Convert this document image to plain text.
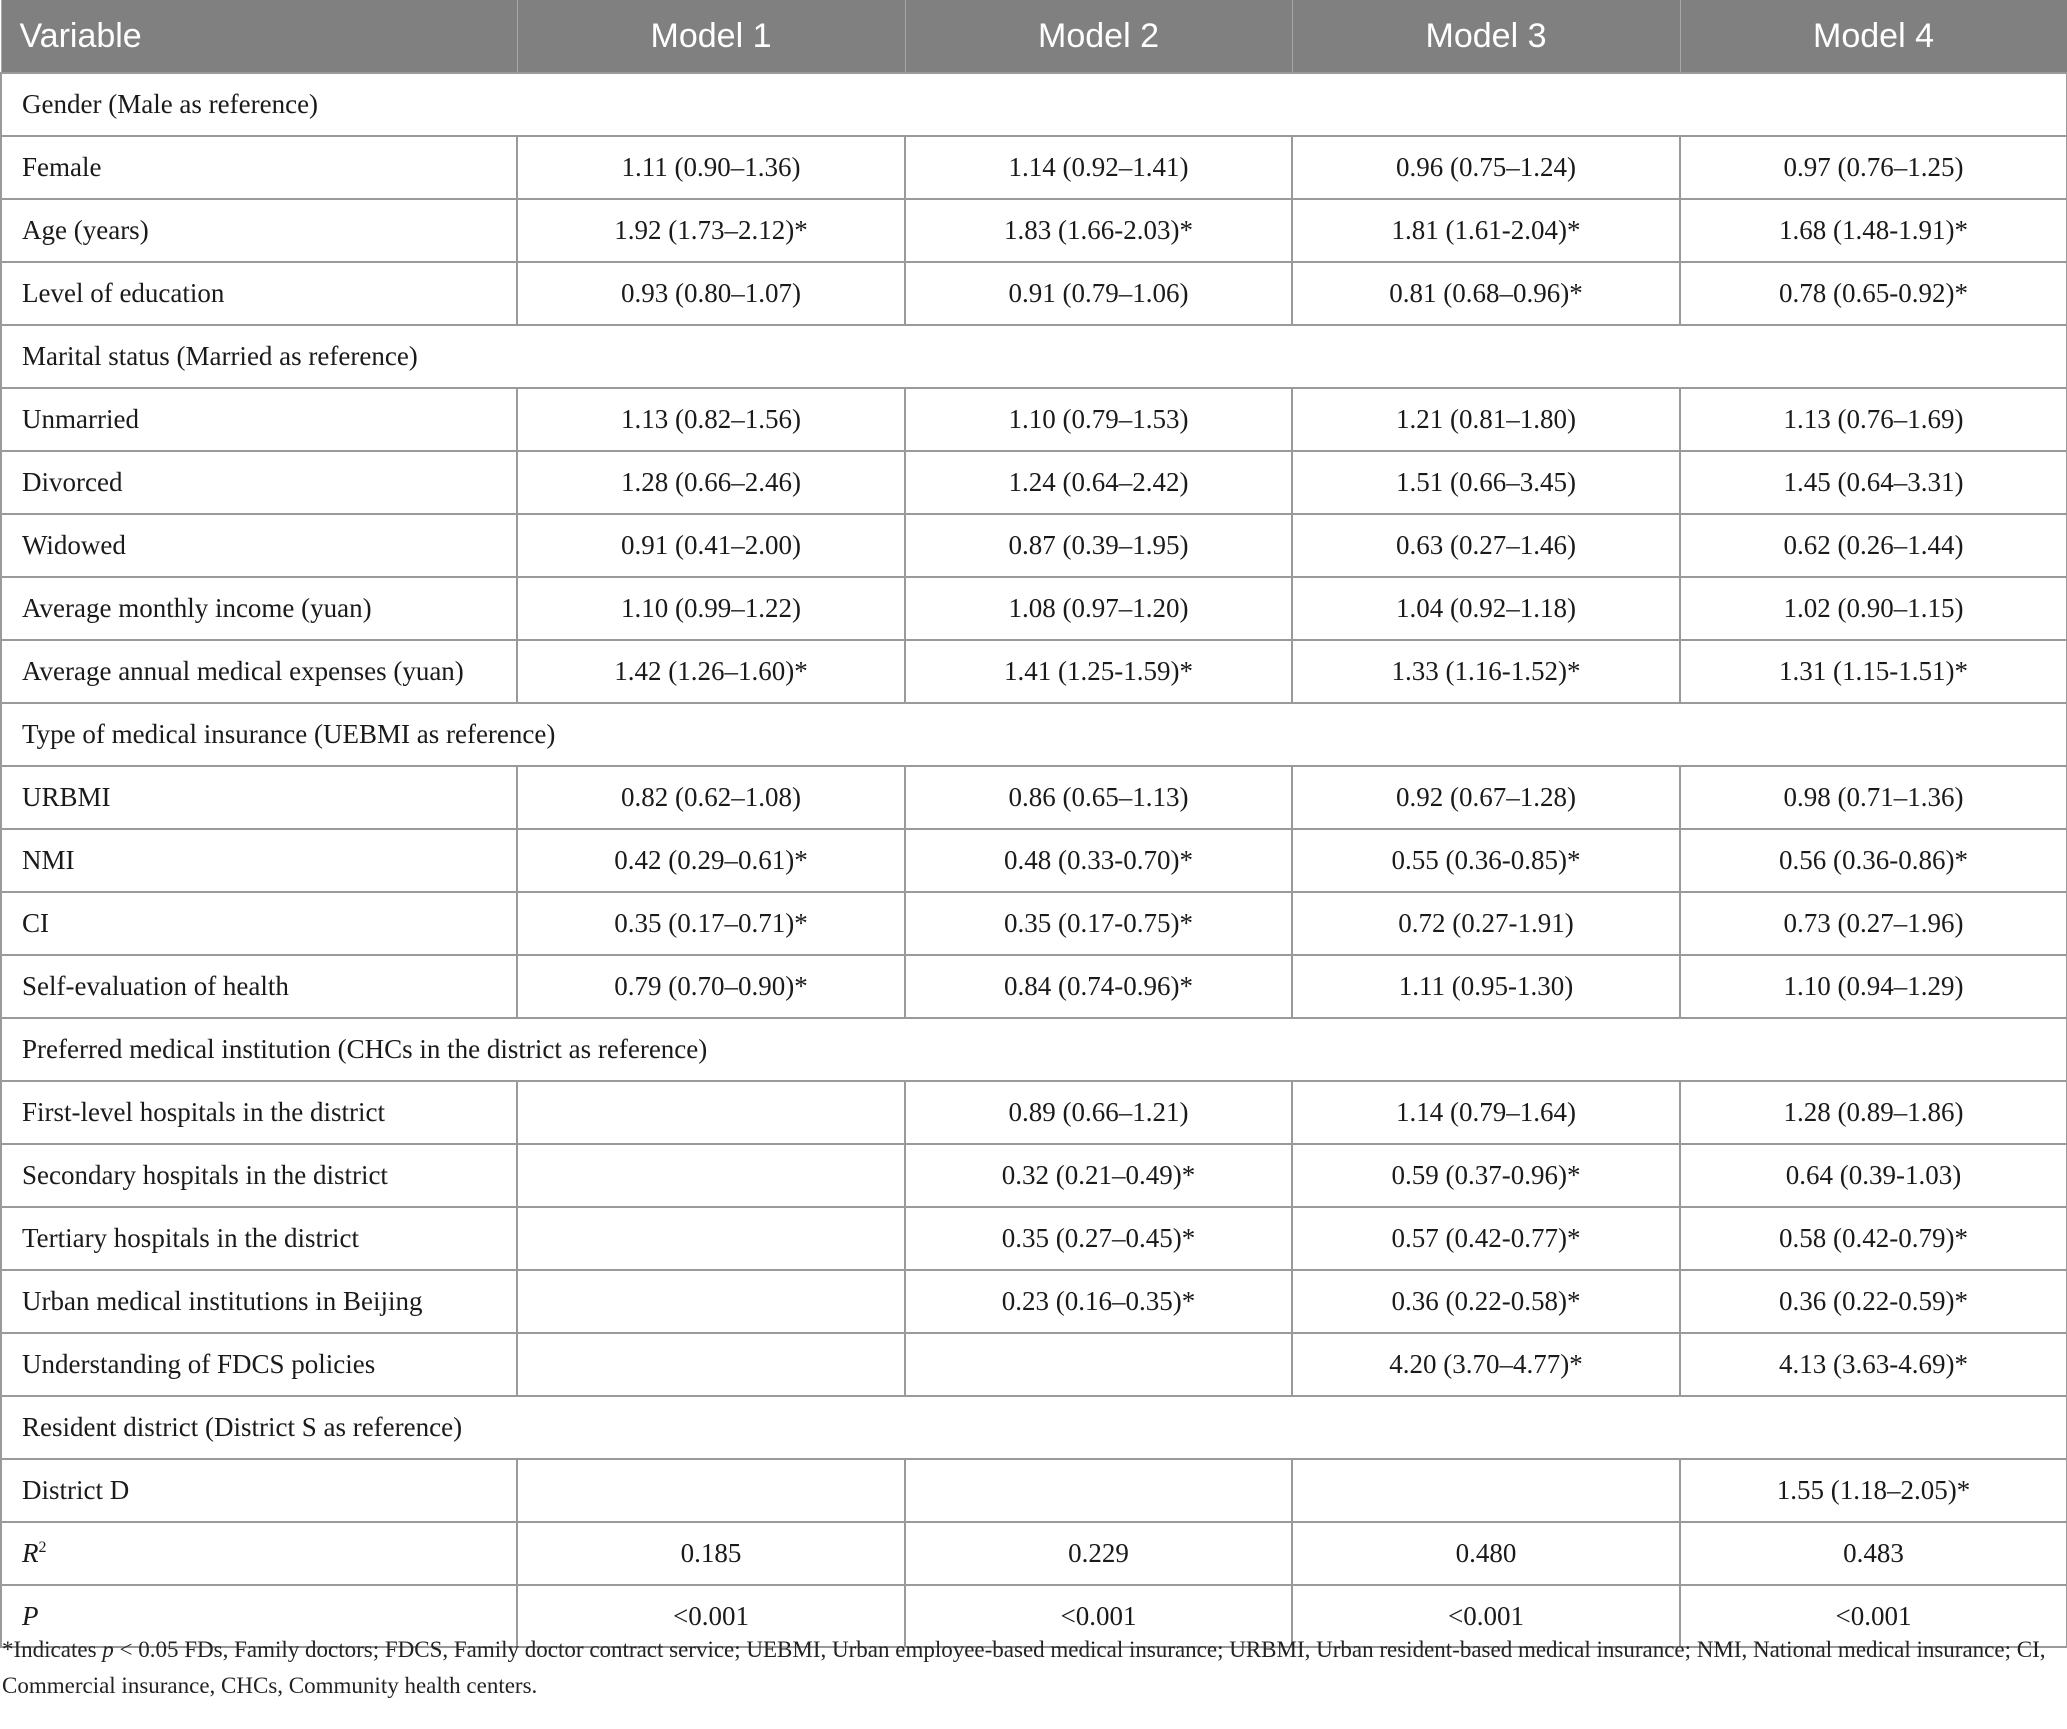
Variable	Model 1	Model 2	Model 3	Model 4
Gender (Male as reference)				
Female	1.11 (0.90–1.36)	1.14 (0.92–1.41)	0.96 (0.75–1.24)	0.97 (0.76–1.25)
Age (years)	1.92 (1.73–2.12)*	1.83 (1.66-2.03)*	1.81 (1.61-2.04)*	1.68 (1.48-1.91)*
Level of education	0.93 (0.80–1.07)	0.91 (0.79–1.06)	0.81 (0.68–0.96)*	0.78 (0.65-0.92)*
Marital status (Married as reference)				
Unmarried	1.13 (0.82–1.56)	1.10 (0.79–1.53)	1.21 (0.81–1.80)	1.13 (0.76–1.69)
Divorced	1.28 (0.66–2.46)	1.24 (0.64–2.42)	1.51 (0.66–3.45)	1.45 (0.64–3.31)
Widowed	0.91 (0.41–2.00)	0.87 (0.39–1.95)	0.63 (0.27–1.46)	0.62 (0.26–1.44)
Average monthly income (yuan)	1.10 (0.99–1.22)	1.08 (0.97–1.20)	1.04 (0.92–1.18)	1.02 (0.90–1.15)
Average annual medical expenses (yuan)	1.42 (1.26–1.60)*	1.41 (1.25-1.59)*	1.33 (1.16-1.52)*	1.31 (1.15-1.51)*
Type of medical insurance (UEBMI as reference)				
URBMI	0.82 (0.62–1.08)	0.86 (0.65–1.13)	0.92 (0.67–1.28)	0.98 (0.71–1.36)
NMI	0.42 (0.29–0.61)*	0.48 (0.33-0.70)*	0.55 (0.36-0.85)*	0.56 (0.36-0.86)*
CI	0.35 (0.17–0.71)*	0.35 (0.17-0.75)*	0.72 (0.27-1.91)	0.73 (0.27–1.96)
Self-evaluation of health	0.79 (0.70–0.90)*	0.84 (0.74-0.96)*	1.11 (0.95-1.30)	1.10 (0.94–1.29)
Preferred medical institution (CHCs in the district as reference)				
First-level hospitals in the district		0.89 (0.66–1.21)	1.14 (0.79–1.64)	1.28 (0.89–1.86)
Secondary hospitals in the district		0.32 (0.21–0.49)*	0.59 (0.37-0.96)*	0.64 (0.39-1.03)
Tertiary hospitals in the district		0.35 (0.27–0.45)*	0.57 (0.42-0.77)*	0.58 (0.42-0.79)*
Urban medical institutions in Beijing		0.23 (0.16–0.35)*	0.36 (0.22-0.58)*	0.36 (0.22-0.59)*
Understanding of FDCS policies			4.20 (3.70–4.77)*	4.13 (3.63-4.69)*
Resident district (District S as reference)				
District D				1.55 (1.18–2.05)*
$R^2$	0.185	0.229	0.480	0.483
P	<0.001	<0.001	<0.001	<0.001
*Indicates p < 0.05 FDs, Family doctors; FDCS, Family doctor contract service; UEBMI, Urban employee-based medical insurance; URBMI, Urban resident-based medical insurance; NMI, National medical insurance; CI, Commercial insurance, CHCs, Community health centers.
